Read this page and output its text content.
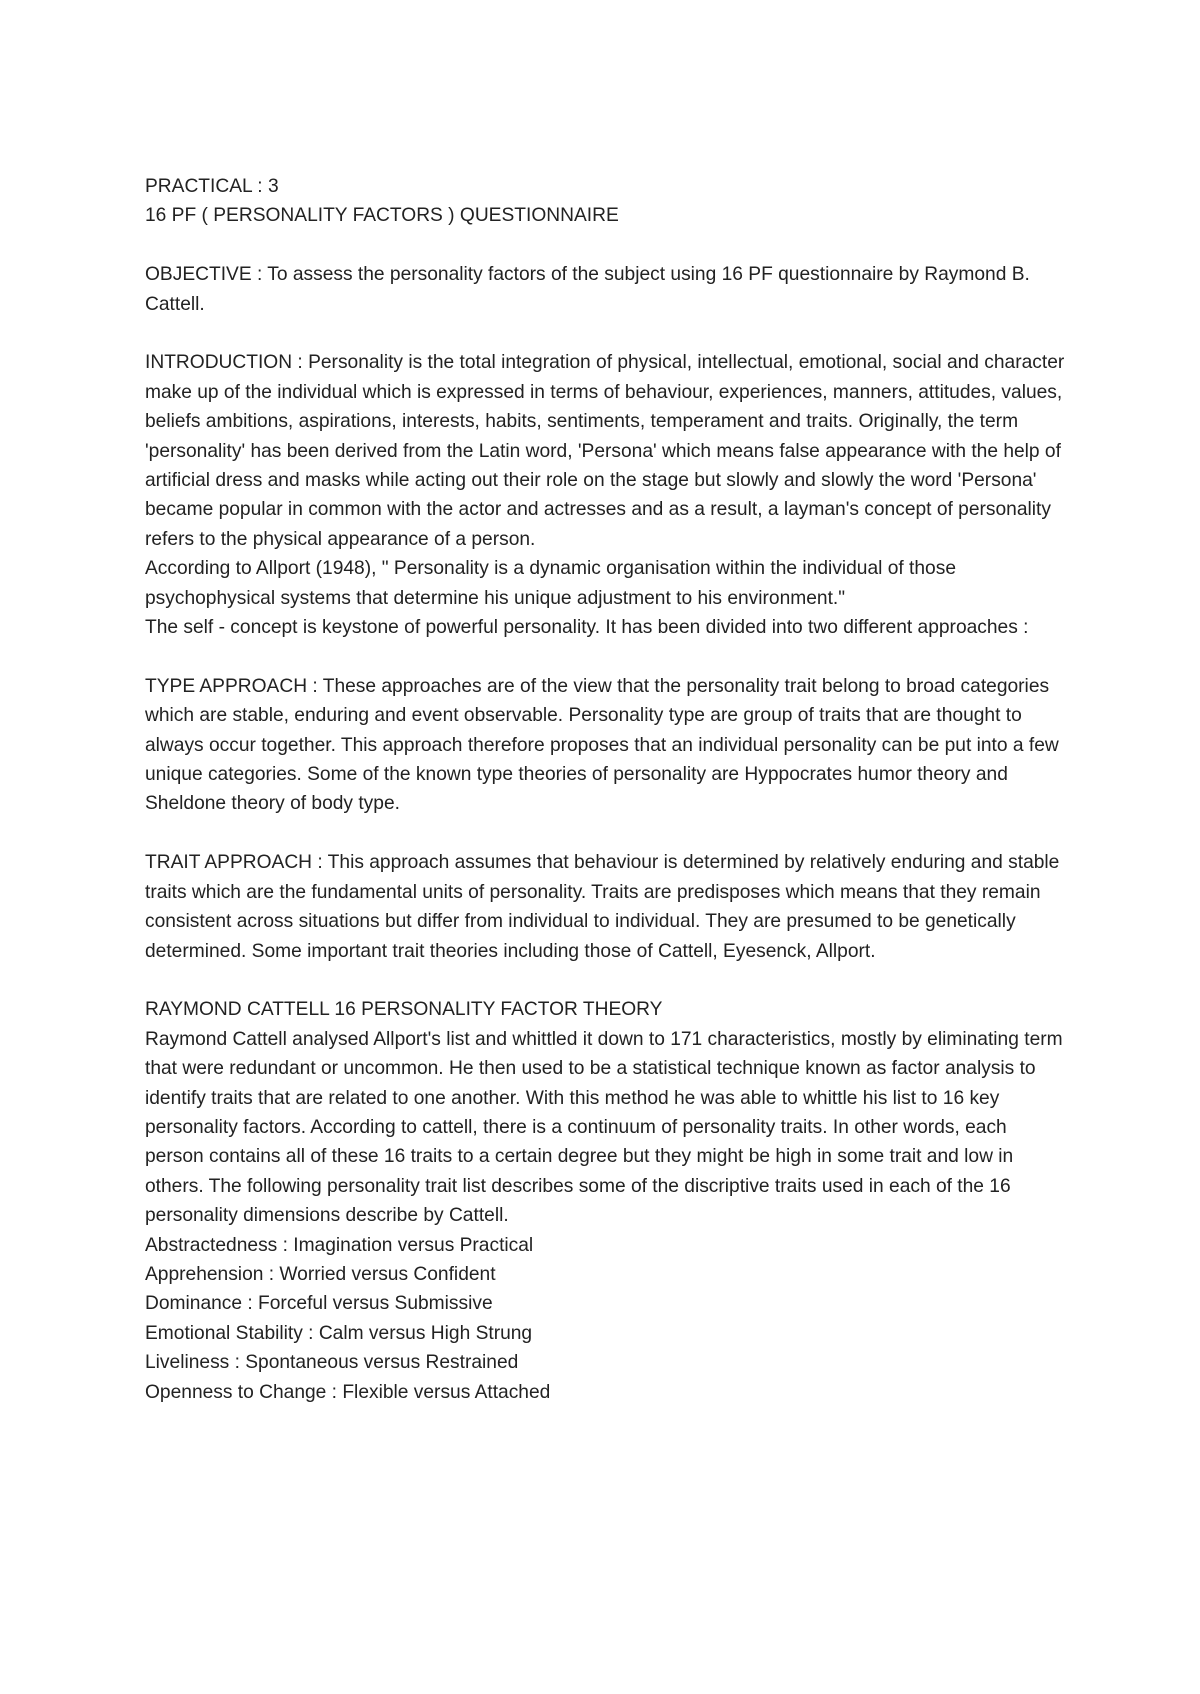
PRACTICAL : 3

16 PF ( PERSONALITY FACTORS ) QUESTIONNAIRE

OBJECTIVE : To assess the personality factors of the subject using 16 PF questionnaire by Raymond B. Cattell.

INTRODUCTION : Personality is the total integration of physical, intellectual, emotional, social and character make up of the individual which is expressed in terms of behaviour, experiences, manners, attitudes, values, beliefs ambitions, aspirations, interests, habits, sentiments, temperament and traits. Originally, the term 'personality' has been derived from the Latin word, 'Persona' which means false appearance with the help of artificial dress and masks while acting out their role on the stage but slowly and slowly the word 'Persona' became popular in common with the actor and actresses and as a result, a layman's concept of personality refers to the physical appearance of a person.

According to Allport (1948), " Personality is a dynamic organisation within the individual of those psychophysical systems that determine his unique adjustment to his environment."

The self - concept is keystone of powerful personality. It has been divided into two different approaches :

TYPE APPROACH : These approaches are of the view that the personality trait belong to broad categories which are stable, enduring and event observable. Personality type are group of traits that are thought to always occur together. This approach therefore proposes that an individual personality can be put into a few unique categories. Some of the known type theories of personality are Hyppocrates humor theory and Sheldone theory of body type.

TRAIT APPROACH : This approach assumes that behaviour is determined by relatively enduring and stable traits which are the fundamental units of personality. Traits are predisposes which means that they remain consistent across situations but differ from individual to individual. They are presumed to be genetically determined. Some important trait theories including those of Cattell, Eyesenck, Allport.

RAYMOND CATTELL 16 PERSONALITY FACTOR THEORY

Raymond Cattell analysed Allport's list and whittled it down to 171 characteristics, mostly by eliminating term that were redundant or uncommon. He then used to be a statistical technique known as factor analysis to identify traits that are related to one another. With this method he was able to whittle his list to 16 key personality factors. According to cattell, there is a continuum of personality traits. In other words, each person contains all of these 16 traits to a certain degree but they might be high in some trait and low in others. The following personality trait list describes some of the discriptive traits used in each of the 16 personality dimensions describe by Cattell.

Abstractedness : Imagination versus Practical

Apprehension : Worried versus Confident

Dominance : Forceful versus Submissive

Emotional Stability : Calm versus High Strung

Liveliness : Spontaneous versus Restrained

Openness to Change : Flexible versus Attached
